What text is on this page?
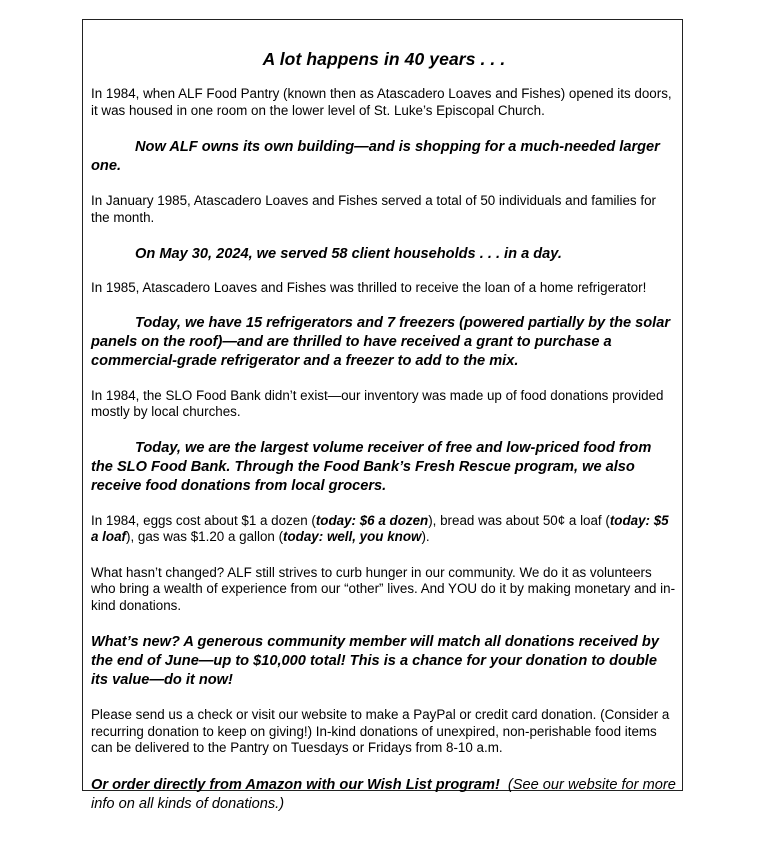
A lot happens in 40 years . . .

In 1984, when ALF Food Pantry (known then as Atascadero Loaves and Fishes) opened its doors, it was housed in one room on the lower level of St. Luke’s Episcopal Church.

Now ALF owns its own building—and is shopping for a much-needed larger one.

In January 1985, Atascadero Loaves and Fishes served a total of 50 individuals and families for the month.

On May 30, 2024, we served 58 client households . . . in a day.

In 1985, Atascadero Loaves and Fishes was thrilled to receive the loan of a home refrigerator!

Today, we have 15 refrigerators and 7 freezers (powered partially by the solar panels on the roof)—and are thrilled to have received a grant to purchase a commercial-grade refrigerator and a freezer to add to the mix.

In 1984, the SLO Food Bank didn’t exist—our inventory was made up of food donations provided mostly by local churches.

Today, we are the largest volume receiver of free and low-priced food from the SLO Food Bank. Through the Food Bank’s Fresh Rescue program, we also receive food donations from local grocers.

In 1984, eggs cost about $1 a dozen (today: $6 a dozen), bread was about 50¢ a loaf (today: $5 a loaf), gas was $1.20 a gallon (today: well, you know).

What hasn’t changed? ALF still strives to curb hunger in our community. We do it as volunteers who bring a wealth of experience from our “other” lives. And YOU do it by making monetary and in-kind donations.

What’s new? A generous community member will match all donations received by the end of June—up to $10,000 total! This is a chance for your donation to double its value—do it now!

Please send us a check or visit our website to make a PayPal or credit card donation. (Consider a recurring donation to keep on giving!) In-kind donations of unexpired, non-perishable food items can be delivered to the Pantry on Tuesdays or Fridays from 8-10 a.m.

Or order directly from Amazon with our Wish List program! (See our website for more info on all kinds of donations.)
